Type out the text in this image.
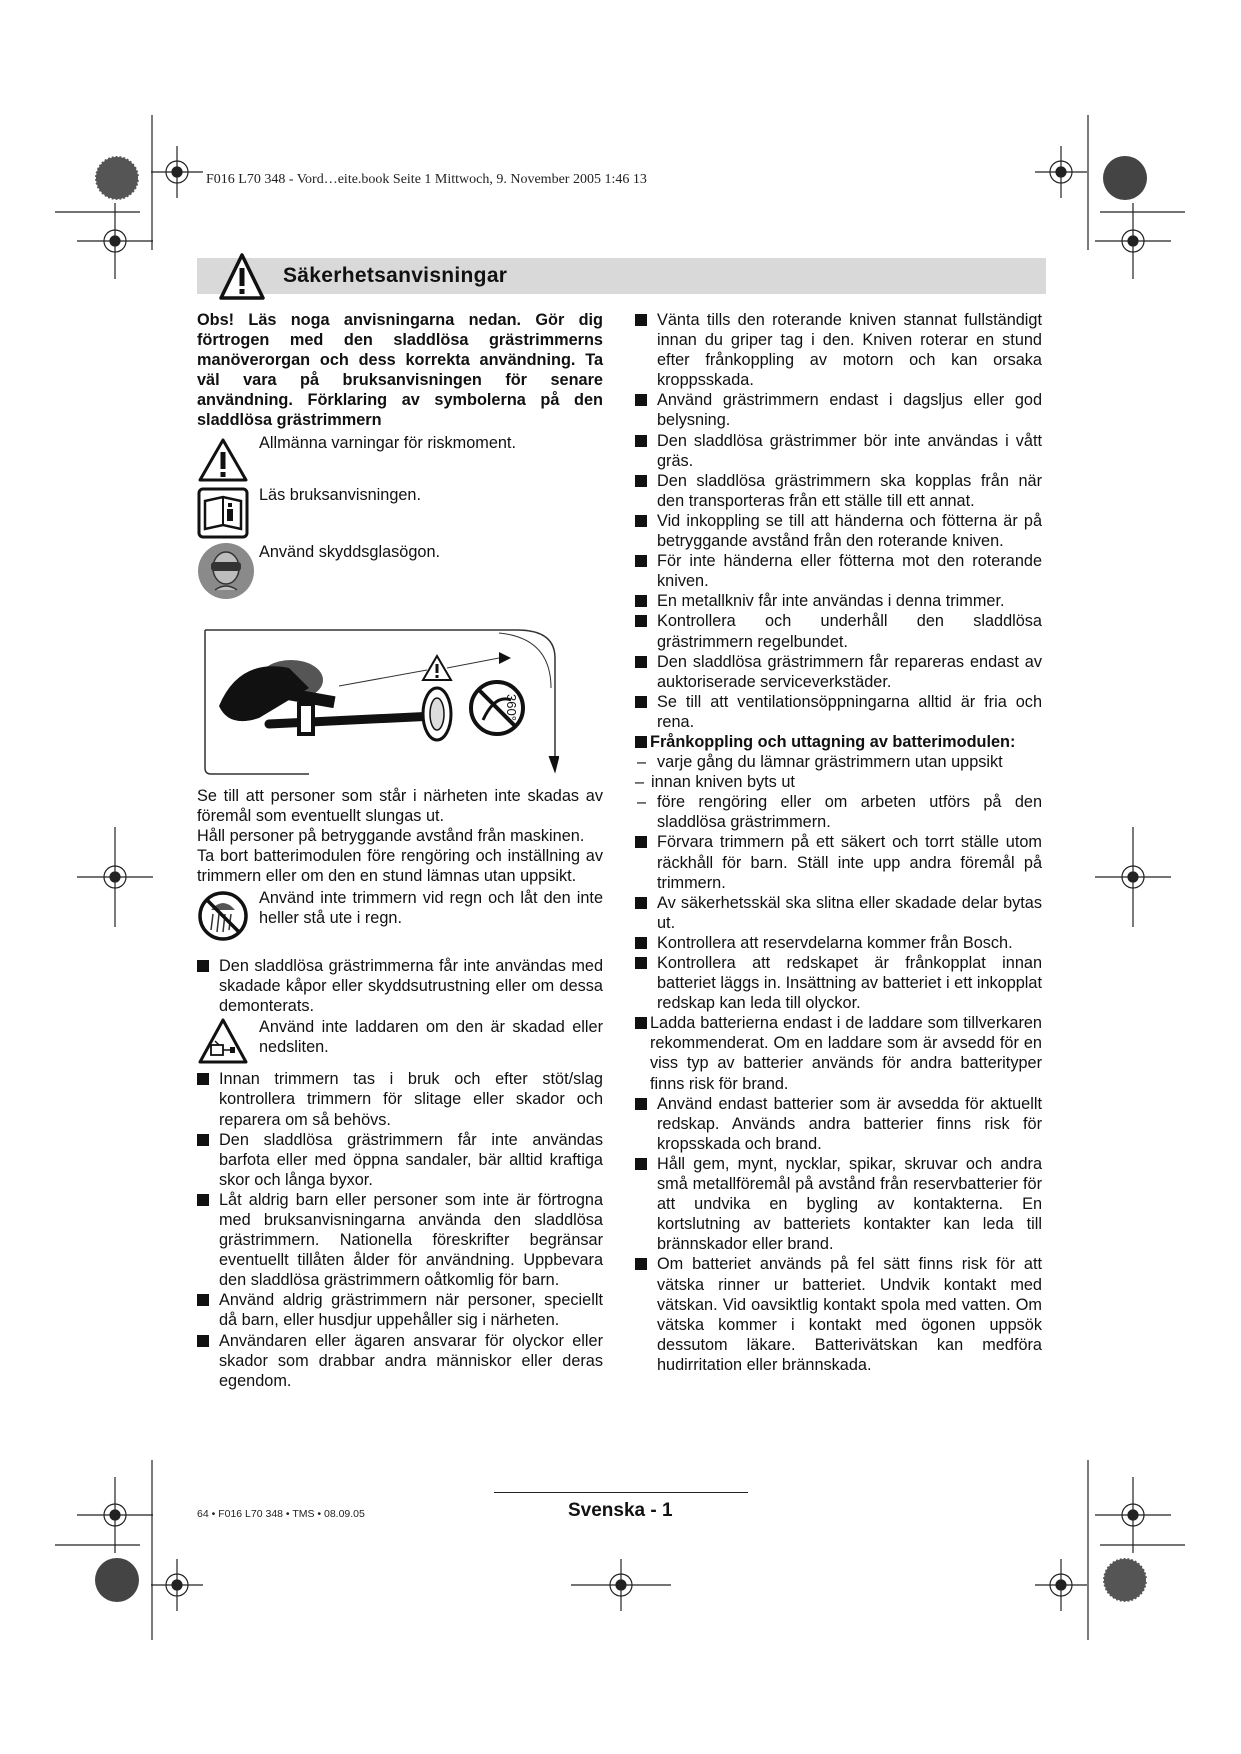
F016 L70 348 - Vord…eite.book Seite 1 Mittwoch, 9. November 2005 1:46 13
Säkerhetsanvisningar

Obs! Läs noga anvisningarna nedan. Gör dig förtrogen med den sladdlösa grästrimmerns manöverorgan och dess korrekta användning. Ta väl vara på bruksanvisningen för senare användning. Förklaring av symbolerna på den sladdlösa grästrimmern

Allmänna varningar för riskmoment.

Läs bruksanvisningen.

Använd skyddsglasögon.

360°

Se till att personer som står i närheten inte skadas av föremål som eventuellt slungas ut.

Håll personer på betryggande avstånd från maskinen.

Ta bort batterimodulen före rengöring och inställning av trimmern eller om den en stund lämnas utan uppsikt.

Använd inte trimmern vid regn och låt den inte heller stå ute i regn.

Den sladdlösa grästrimmerna får inte användas med skadade kåpor eller skyddsutrustning eller om dessa demonterats.

Använd inte laddaren om den är skadad eller nedsliten.

Innan trimmern tas i bruk och efter stöt/slag kontrollera trimmern för slitage eller skador och reparera om så behövs.

Den sladdlösa grästrimmern får inte användas barfota eller med öppna sandaler, bär alltid kraftiga skor och långa byxor.

Låt aldrig barn eller personer som inte är förtrogna med bruksanvisningarna använda den sladdlösa grästrimmern. Nationella föreskrifter begränsar eventuellt tillåten ålder för användning. Uppbevara den sladdlösa grästrimmern oåtkomlig för barn.

Använd aldrig grästrimmern när personer, speciellt då barn, eller husdjur uppehåller sig i närheten.

Användaren eller ägaren ansvarar för olyckor eller skador som drabbar andra människor eller deras egendom.

Vänta tills den roterande kniven stannat fullständigt innan du griper tag i den. Kniven roterar en stund efter frånkoppling av motorn och kan orsaka kroppsskada.

Använd grästrimmern endast i dagsljus eller god belysning.

Den sladdlösa grästrimmer bör inte användas i vått gräs.

Den sladdlösa grästrimmern ska kopplas från när den transporteras från ett ställe till ett annat.

Vid inkoppling se till att händerna och fötterna är på betryggande avstånd från den roterande kniven.

För inte händerna eller fötterna mot den roterande kniven.

En metallkniv får inte användas i denna trimmer.

Kontrollera och underhåll den sladdlösa grästrimmern regelbundet.

Den sladdlösa grästrimmern får repareras endast av auktoriserade serviceverkstäder.

Se till att ventilationsöppningarna alltid är fria och rena.

Frånkoppling och uttagning av batterimodulen:

– varje gång du lämnar grästrimmern utan uppsikt

– innan kniven byts ut

– före rengöring eller om arbeten utförs på den sladdlösa grästrimmern.

Förvara trimmern på ett säkert och torrt ställe utom räckhåll för barn. Ställ inte upp andra föremål på trimmern.

Av säkerhetsskäl ska slitna eller skadade delar bytas ut.

Kontrollera att reservdelarna kommer från Bosch.

Kontrollera att redskapet är frånkopplat innan batteriet läggs in. Insättning av batteriet i ett inkopplat redskap kan leda till olyckor.

Ladda batterierna endast i de laddare som tillverkaren rekommenderat. Om en laddare som är avsedd för en viss typ av batterier används för andra batterityper finns risk för brand.

Använd endast batterier som är avsedda för aktuellt redskap. Används andra batterier finns risk för kropsskada och brand.

Håll gem, mynt, nycklar, spikar, skruvar och andra små metallföremål på avstånd från reservbatterier för att undvika en bygling av kontakterna. En kortslutning av batteriets kontakter kan leda till brännskador eller brand.

Om batteriet används på fel sätt finns risk för att vätska rinner ur batteriet. Undvik kontakt med vätskan. Vid oavsiktlig kontakt spola med vatten. Om vätska kommer i kontakt med ögonen uppsök dessutom läkare. Batterivätskan kan medföra hudirritation eller brännskada.

64 • F016 L70 348 • TMS • 08.09.05	Svenska - 1
